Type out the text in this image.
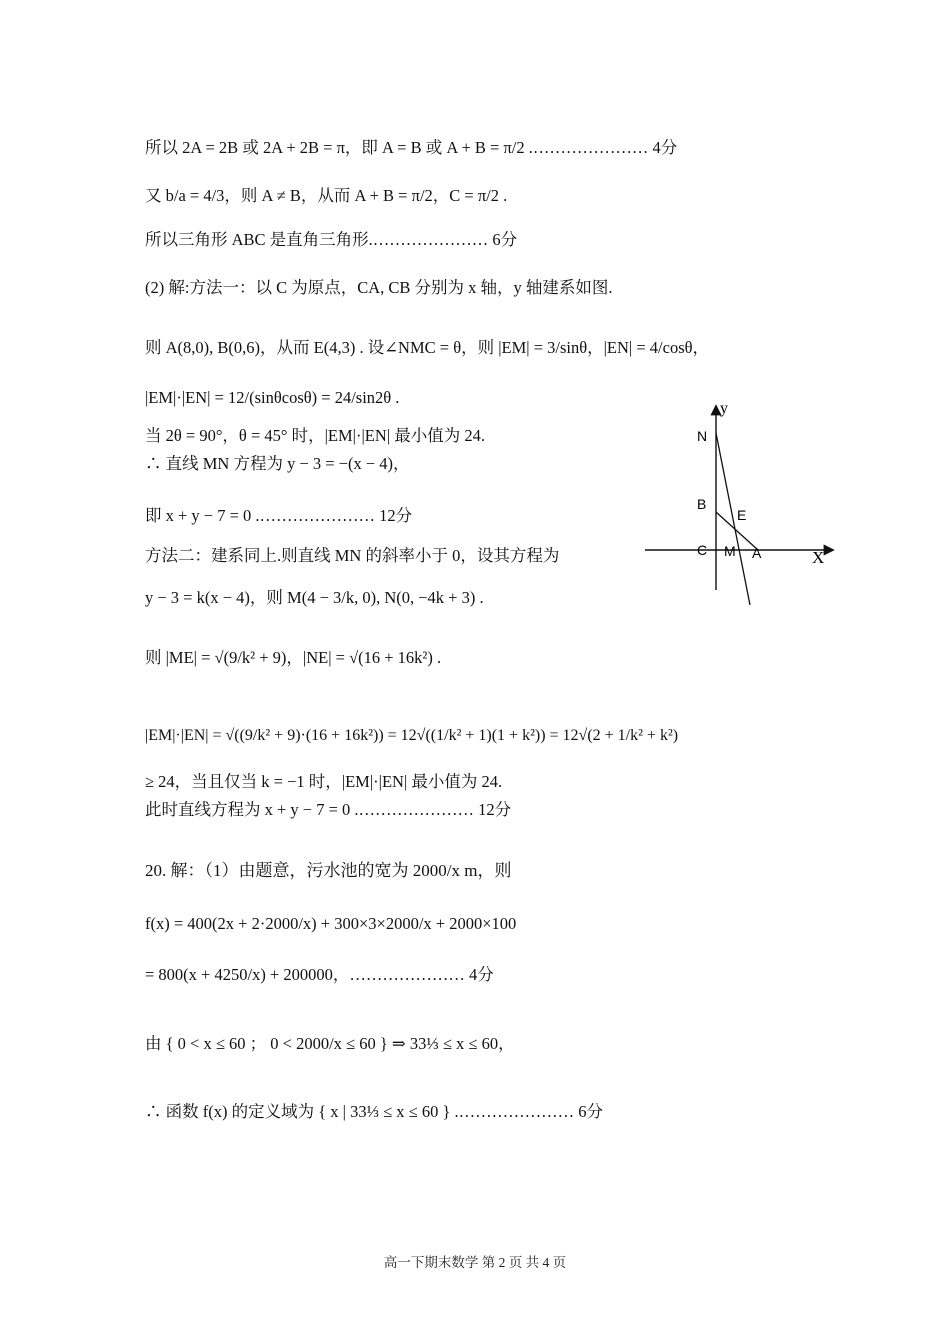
所以 2A = 2B 或 2A + 2B = π，即 A = B 或 A + B = π/2 .………………… 4分
又 b/a = 4/3，则 A ≠ B，从而 A + B = π/2，C = π/2 .
所以三角形 ABC 是直角三角形.………………… 6分
(2) 解:方法一：以 C 为原点，CA, CB 分别为 x 轴，y 轴建系如图.
则 A(8,0), B(0,6)，从而 E(4,3) . 设∠NMC = θ，则 |EM| = 3/sinθ，|EN| = 4/cosθ，
|EM|·|EN| = 12/(sinθcosθ) = 24/sin2θ .
当 2θ = 90°，θ = 45° 时，|EM|·|EN| 最小值为 24.
∴ 直线 MN 方程为 y − 3 = −(x − 4)，
即 x + y − 7 = 0 .………………… 12分
方法二：建系同上.则直线 MN 的斜率小于 0，设其方程为
y − 3 = k(x − 4)，则 M(4 − 3/k, 0), N(0, −4k + 3) .
则 |ME| = √(9/k² + 9)，|NE| = √(16 + 16k²) .
|EM|·|EN| = √((9/k² + 9)·(16 + 16k²)) = 12√((1/k² + 1)(1 + k²)) = 12√(2 + 1/k² + k²)
≥ 24，当且仅当 k = −1 时，|EM|·|EN| 最小值为 24.
此时直线方程为 x + y − 7 = 0 .………………… 12分
20. 解：（1）由题意，污水池的宽为 2000/x m，则
f(x) = 400(2x + 2·2000/x) + 300×3×2000/x + 2000×100
= 800(x + 4250/x) + 200000，………………… 4分
由 { 0 < x ≤ 60 ； 0 < 2000/x ≤ 60 } ⇒ 33⅓ ≤ x ≤ 60，
∴ 函数 f(x) 的定义域为 { x | 33⅓ ≤ x ≤ 60 } .………………… 6分
y
X
N
B
E
C M A
高一下期末数学 第 2 页 共 4 页
